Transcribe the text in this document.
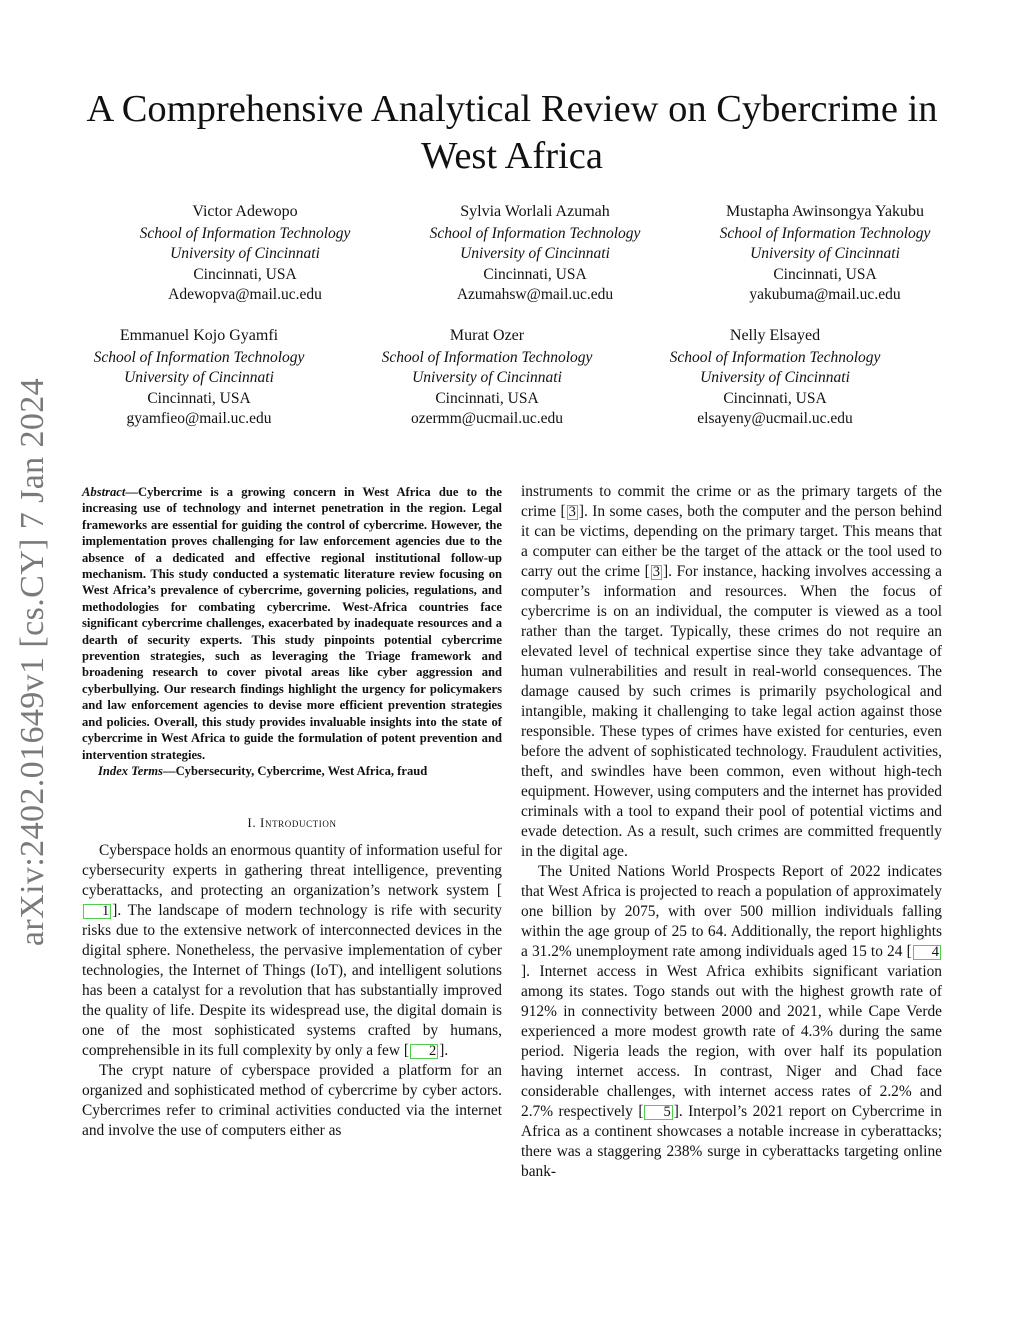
arXiv:2402.01649v1 [cs.CY] 7 Jan 2024
A Comprehensive Analytical Review on Cybercrime in West Africa
Victor Adewopo
School of Information Technology
University of Cincinnati
Cincinnati, USA
Adewopva@mail.uc.edu
Sylvia Worlali Azumah
School of Information Technology
University of Cincinnati
Cincinnati, USA
Azumahsw@mail.uc.edu
Mustapha Awinsongya Yakubu
School of Information Technology
University of Cincinnati
Cincinnati, USA
yakubuma@mail.uc.edu
Emmanuel Kojo Gyamfi
School of Information Technology
University of Cincinnati
Cincinnati, USA
gyamfieo@mail.uc.edu
Murat Ozer
School of Information Technology
University of Cincinnati
Cincinnati, USA
ozermm@ucmail.uc.edu
Nelly Elsayed
School of Information Technology
University of Cincinnati
Cincinnati, USA
elsayeny@ucmail.uc.edu

Abstract—Cybercrime is a growing concern in West Africa due to the increasing use of technology and internet penetration in the region. Legal frameworks are essential for guiding the control of cybercrime. However, the implementation proves challenging for law enforcement agencies due to the absence of a dedicated and effective regional institutional follow-up mechanism. This study conducted a systematic literature review focusing on West Africa’s prevalence of cybercrime, governing policies, regulations, and methodologies for combating cybercrime. West-Africa countries face significant cybercrime challenges, exacerbated by inadequate resources and a dearth of security experts. This study pinpoints potential cybercrime prevention strategies, such as leveraging the Triage framework and broadening research to cover pivotal areas like cyber aggression and cyberbullying. Our research findings highlight the urgency for policymakers and law enforcement agencies to devise more efficient prevention strategies and policies. Overall, this study provides invaluable insights into the state of cybercrime in West Africa to guide the formulation of potent prevention and intervention strategies.

Index Terms—Cybersecurity, Cybercrime, West Africa, fraud

I. Introduction

Cyberspace holds an enormous quantity of information useful for cybersecurity experts in gathering threat intelligence, preventing cyberattacks, and protecting an organization’s network system [1 ]. The landscape of modern technology is rife with security risks due to the extensive network of interconnected devices in the digital sphere. Nonetheless, the pervasive implementation of cyber technologies, the Internet of Things (IoT), and intelligent solutions has been a catalyst for a revolution that has substantially improved the quality of life. Despite its widespread use, the digital domain is one of the most sophisticated systems crafted by humans, comprehensible in its full complexity by only a few [ 2 ].

The crypt nature of cyberspace provided a platform for an organized and sophisticated method of cybercrime by cyber actors. Cybercrimes refer to criminal activities conducted via the internet and involve the use of computers either as

instruments to commit the crime or as the primary targets of the crime [ 3 ]. In some cases, both the computer and the person behind it can be victims, depending on the primary target. This means that a computer can either be the target of the attack or the tool used to carry out the crime [ 3 ]. For instance, hacking involves accessing a computer’s information and resources. When the focus of cybercrime is on an individual, the computer is viewed as a tool rather than the target. Typically, these crimes do not require an elevated level of technical expertise since they take advantage of human vulnerabilities and result in real-world consequences. The damage caused by such crimes is primarily psychological and intangible, making it challenging to take legal action against those responsible. These types of crimes have existed for centuries, even before the advent of sophisticated technology. Fraudulent activities, theft, and swindles have been common, even without high-tech equipment. However, using computers and the internet has provided criminals with a tool to expand their pool of potential victims and evade detection. As a result, such crimes are committed frequently in the digital age.

The United Nations World Prospects Report of 2022 indicates that West Africa is projected to reach a population of approximately one billion by 2075, with over 500 million individuals falling within the age group of 25 to 64. Additionally, the report highlights a 31.2% unemployment rate among individuals aged 15 to 24 [ 4]. Internet access in West Africa exhibits significant variation among its states. Togo stands out with the highest growth rate of 912% in connectivity between 2000 and 2021, while Cape Verde experienced a more modest growth rate of 4.3% during the same period. Nigeria leads the region, with over half its population having internet access. In contrast, Niger and Chad face considerable challenges, with internet access rates of 2.2% and 2.7% respectively [ 5 ]. Interpol’s 2021 report on Cybercrime in Africa as a continent showcases a notable increase in cyberattacks; there was a staggering 238% surge in cyberattacks targeting online bank-
